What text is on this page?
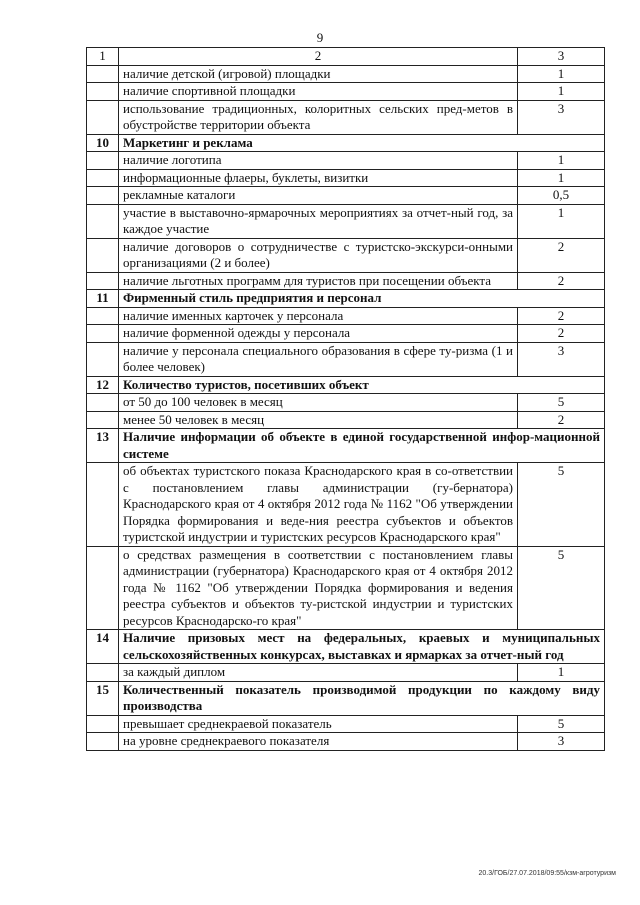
9
1	2	3
	наличие детской (игровой) площадки	1
	наличие спортивной площадки	1
	использование традиционных, колоритных сельских пред-метов в обустройстве территории объекта	3
10	Маркетинг и реклама	
	наличие логотипа	1
	информационные флаеры, буклеты, визитки	1
	рекламные каталоги	0,5
	участие в выставочно-ярмарочных мероприятиях за отчет-ный год, за каждое участие	1
	наличие договоров о сотрудничестве с туристско-экскурси-онными организациями (2 и более)	2
	наличие льготных программ для туристов при посещении объекта	2
11	Фирменный стиль предприятия и персонал	
	наличие именных карточек у персонала	2
	наличие форменной одежды у персонала	2
	наличие у персонала специального образования в сфере ту-ризма (1 и более человек)	3
12	Количество туристов, посетивших объект	
	от 50 до 100 человек в месяц	5
	менее 50 человек в месяц	2
13	Наличие информации об объекте в единой государственной инфор-мационной системе	
	об объектах туристского показа Краснодарского края в со-ответствии с постановлением главы администрации (гу-бернатора) Краснодарского края от 4 октября 2012 года № 1162 "Об утверждении Порядка формирования и веде-ния реестра субъектов и объектов туристской индустрии и туристских ресурсов Краснодарского края"	5
	о средствах размещения в соответствии с постановлением главы администрации (губернатора) Краснодарского края от 4 октября 2012 года № 1162 "Об утверждении Порядка формирования и ведения реестра субъектов и объектов ту-ристской индустрии и туристских ресурсов Краснодарско-го края"	5
14	Наличие призовых мест на федеральных, краевых и муниципальных сельскохозяйственных конкурсах, выставках и ярмарках за отчет-ный год	
	за каждый диплом	1
15	Количественный показатель производимой продукции по каждому виду производства	
	превышает среднекраевой показатель	5
	на уровне среднекраевого показателя	3
20.3/ГОБ/27.07.2018/09:55/кзм-агротуризм
